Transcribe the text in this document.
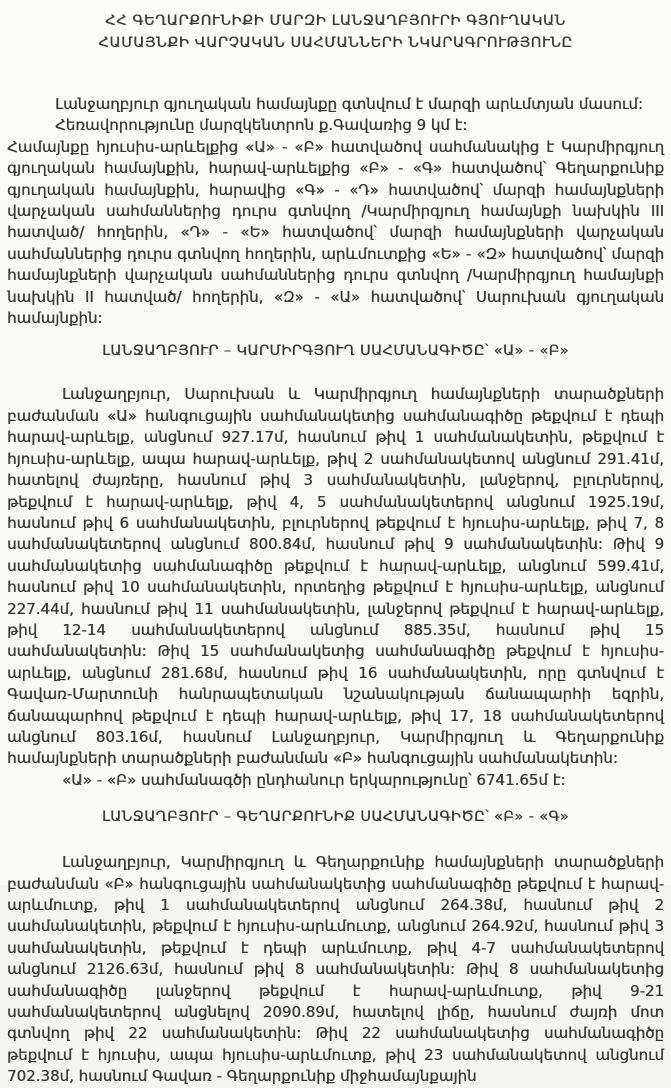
ՀՀ ԳԵՂԱՐՔՈՒՆԻՔԻ ՄԱՐԶԻ ԼԱՆՋԱՂԲՅՈՒՐԻ ԳՅՈՒՂԱԿԱՆ
ՀԱՄԱՅՆՔԻ ՎԱՐՉԱԿԱՆ ՍԱՀՄԱՆՆԵՐԻ ՆԿԱՐԱԳՐՈՒԹՅՈՒՆԸ

Լանջաղբյուր գյուղական համայնքը գտնվում է մարզի արևմտյան մասում:

Հեռավորությունը մարզկենտրոն ք.Գավառից 9 կմ է:

Համայնքը հյուսիս-արևելքից «Ա» - «Բ» հատվածով սահմանակից է Կարմիրգյուղ գյուղական համայնքին, հարավ-արևելքից «Բ» - «Գ» հատվածով՝ Գեղարքունիք գյուղական համայնքին, հարավից «Գ» - «Դ» հատվածով՝ մարզի համայնքների վարչական սահմաններից դուրս գտնվող /Կարմիրգյուղ համայնքի նախկին III հատված/ հողերին, «Դ» - «Ե» հատվածով՝ մարզի համայնքների վարչական սահմաններից դուրս գտնվող հողերին, արևմուտքից «Ե» - «Զ» հատվածով՝ մարզի համայնքների վարչական սահմաններից դուրս գտնվող /Կարմիրգյուղ համայնքի նախկին II հատված/ հողերին, «Զ» - «Ա» հատվածով՝ Սարուխան գյուղական համայնքին:

ԼԱՆՋԱՂԲՅՈՒՐ – ԿԱՐՄԻՐԳՅՈՒՂ ՍԱՀՄԱՆԱԳԻԾԸ՝ «Ա» - «Բ»

Լանջաղբյուր, Սարուխան և Կարմիրգյուղ համայնքների տարածքների բաժանման «Ա» հանգուցային սահմանակետից սահմանագիծը թեքվում է դեպի հարավ-արևելք, անցնում 927.17մ, հասնում թիվ 1 սահմանակետին, թեքվում է հյուսիս-արևելք, ապա հարավ-արևելք, թիվ 2 սահմանակետով անցնում 291.41մ, հատելով ժայռերը, հասնում թիվ 3 սահմանակետին, լանջերով, բլուրներով, թեքվում է հարավ-արևելք, թիվ 4, 5 սահմանակետերով անցնում 1925.19մ, հասնում թիվ 6 սահմանակետին, բլուրներով թեքվում է հյուսիս-արևելք, թիվ 7, 8 սահմանակետերով անցնում 800.84մ, հասնում թիվ 9 սահմանակետին: Թիվ 9 սահմանակետից սահմանագիծը թեքվում է հարավ-արևելք, անցնում 599.41մ, հասնում թիվ 10 սահմանակետին, որտեղից թեքվում է հյուսիս-արևելք, անցնում 227.44մ, հասնում թիվ 11 սահմանակետին, լանջերով թեքվում է հարավ-արևելք, թիվ 12-14 սահմանակետերով անցնում 885.35մ, հասնում թիվ 15 սահմանակետին: Թիվ 15 սահմանակետից սահմանագիծը թեքվում է հյուսիս-արևելք, անցնում 281.68մ, հասնում թիվ 16 սահմանակետին, որը գտնվում է Գավառ-Մարտունի հանրապետական նշանակության ճանապարհի եզրին, ճանապարհով թեքվում է դեպի հարավ-արևելք, թիվ 17, 18 սահմանակետերով անցնում 803.16մ, հասնում Լանջաղբյուր, Կարմիրգյուղ և Գեղարքունիք համայնքների տարածքների բաժանման «Բ» հանգուցային սահմանակետին:

«Ա» - «Բ» սահմանագծի ընդհանուր երկարությունը՝ 6741.65մ է:

ԼԱՆՋԱՂԲՅՈՒՐ – ԳԵՂԱՐՔՈՒՆԻՔ ՍԱՀՄԱՆԱԳԻԾԸ՝ «Բ» - «Գ»

Լանջաղբյուր, Կարմիրգյուղ և Գեղարքունիք համայնքների տարածքների բաժանման «Բ» հանգուցային սահմանակետից սահմանագիծը թեքվում է հարավ-արևմուտք, թիվ 1 սահմանակետերով անցնում 264.38մ, հասնում թիվ 2 սահմանակետին, թեքվում է հյուսիս-արևմուտք, անցնում 264.92մ, հասնում թիվ 3 սահմանակետին, թեքվում է դեպի արևմուտք, թիվ 4-7 սահմանակետերով անցնում 2126.63մ, հասնում թիվ 8 սահմանակետին: Թիվ 8 սահմանակետից սահմանագիծը լանջերով թեքվում է հարավ-արևմուտք, թիվ 9-21 սահմանակետերով անցնելով 2090.89մ, հատելով լիճը, հասնում ժայռի մոտ գտնվող թիվ 22 սահմանակետին: Թիվ 22 սահմանակետից սահմանագիծը թեքվում է հյուսիս, ապա հյուսիս-արևմուտք, թիվ 23 սահմանակետով անցնում 702.38մ, հասնում Գավառ - Գեղարքունիք միջհամայնքային
